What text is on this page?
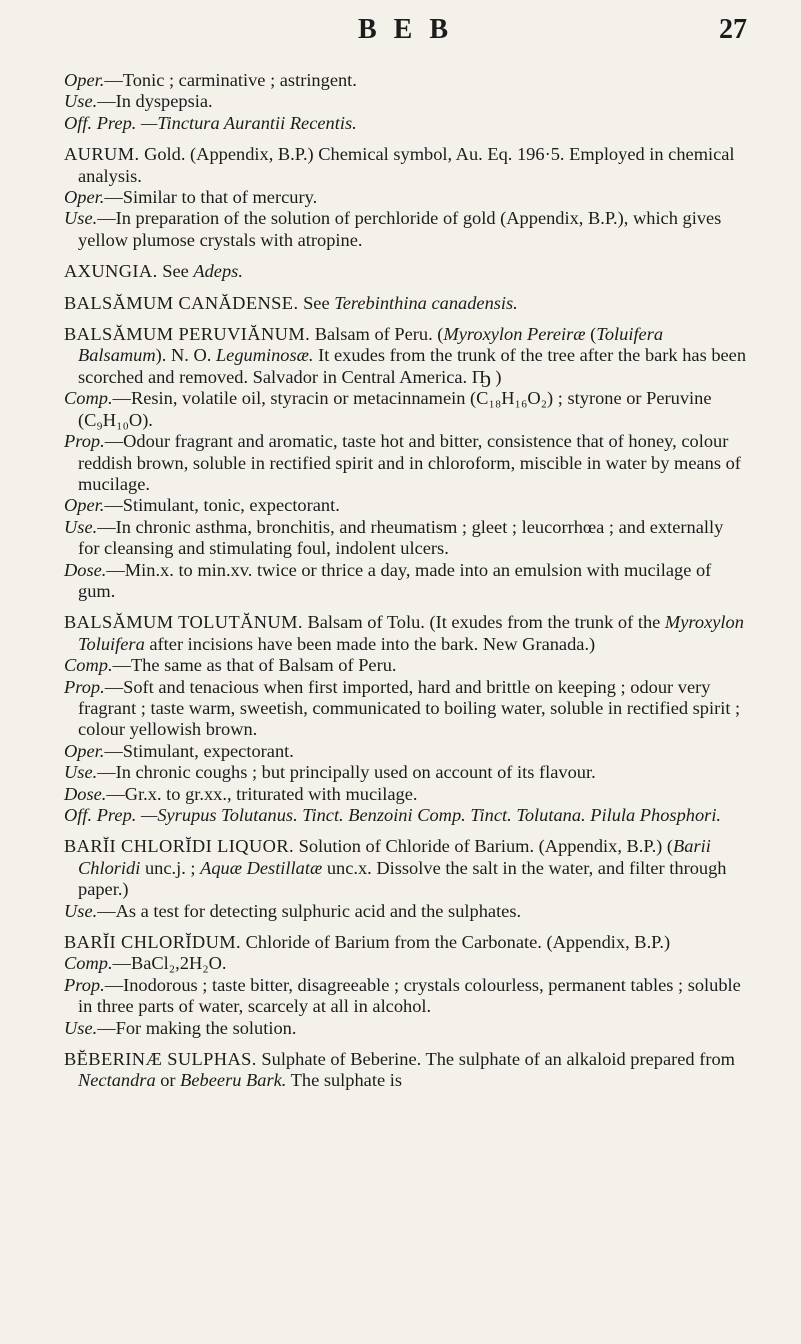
B E B	27

Oper.—Tonic ; carminative ; astringent.

Use.—In dyspepsia.

Off. Prep. —Tinctura Aurantii Recentis.

AURUM. Gold. (Appendix, B.P.) Chemical symbol, Au. Eq. 196·5. Employed in chemical analysis.

Oper.—Similar to that of mercury.

Use.—In preparation of the solution of perchloride of gold (Appendix, B.P.), which gives yellow plumose crystals with atropine.

AXUNGIA. See Adeps.

BALSĂMUM CANĂDENSE. See Terebinthina canadensis.

BALSĂMUM PERUVIĂNUM. Balsam of Peru. (Myroxylon Pereiræ (Toluifera Balsamum). N. O. Leguminosæ. It exudes from the trunk of the tree after the bark has been scorched and removed. Salvador in Central America. Ҧ )

Comp.—Resin, volatile oil, styracin or metacinnamein (C₁₈H₁₆O₂) ; styrone or Peruvine (C₉H₁₀O).

Prop.—Odour fragrant and aromatic, taste hot and bitter, consistence that of honey, colour reddish brown, soluble in rectified spirit and in chloroform, miscible in water by means of mucilage.

Oper.—Stimulant, tonic, expectorant.

Use.—In chronic asthma, bronchitis, and rheumatism ; gleet ; leucorrhœa ; and externally for cleansing and stimulating foul, indolent ulcers.

Dose.—Min.x. to min.xv. twice or thrice a day, made into an emulsion with mucilage of gum.

BALSĂMUM TOLUTĂNUM. Balsam of Tolu. (It exudes from the trunk of the Myroxylon Toluifera after incisions have been made into the bark. New Granada.)

Comp.—The same as that of Balsam of Peru.

Prop.—Soft and tenacious when first imported, hard and brittle on keeping ; odour very fragrant ; taste warm, sweetish, communicated to boiling water, soluble in rectified spirit ; colour yellowish brown.

Oper.—Stimulant, expectorant.

Use.—In chronic coughs ; but principally used on account of its flavour.

Dose.—Gr.x. to gr.xx., triturated with mucilage.

Off. Prep. —Syrupus Tolutanus. Tinct. Benzoini Comp. Tinct. Tolutana. Pilula Phosphori.

BARĬI CHLORĬDI LIQUOR. Solution of Chloride of Barium. (Appendix, B.P.) (Barii Chloridi unc.j. ; Aquæ Destillatæ unc.x. Dissolve the salt in the water, and filter through paper.)

Use.—As a test for detecting sulphuric acid and the sulphates.

BARĬI CHLORĬDUM. Chloride of Barium from the Carbonate. (Appendix, B.P.)

Comp.—BaCl₂,2H₂O.

Prop.—Inodorous ; taste bitter, disagreeable ; crystals colourless, permanent tables ; soluble in three parts of water, scarcely at all in alcohol.

Use.—For making the solution.

BĔBERINÆ SULPHAS. Sulphate of Beberine. The sulphate of an alkaloid prepared from Nectandra or Bebeeru Bark. The sulphate is
